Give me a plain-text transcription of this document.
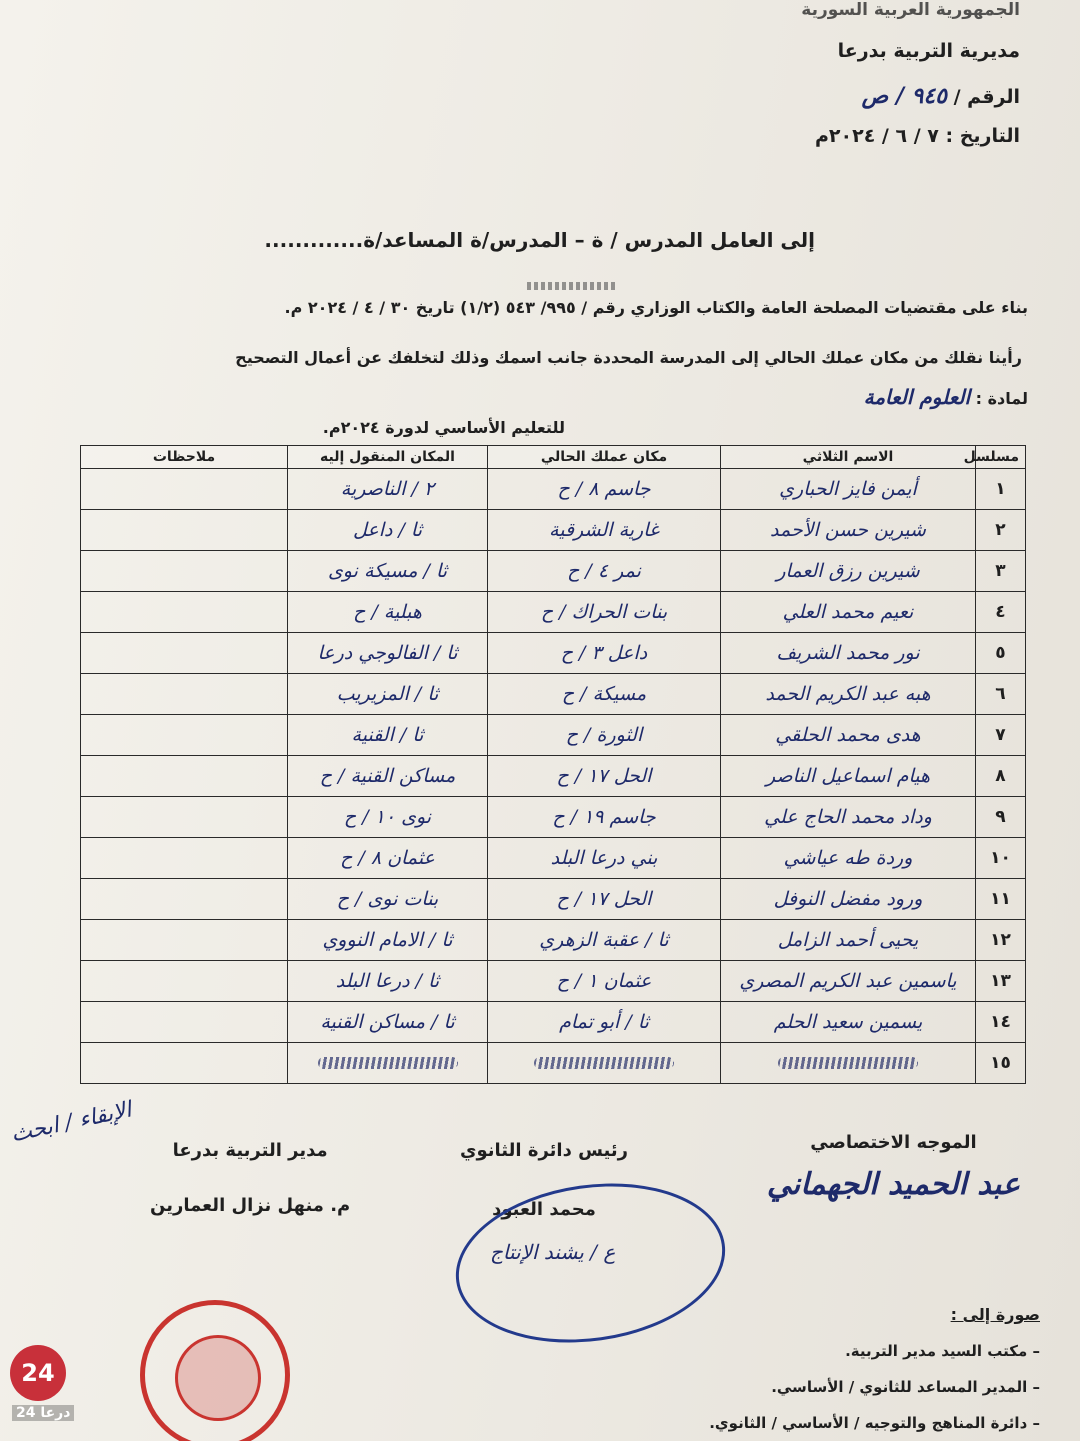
الجمهورية العربية السورية
مديرية التربية بدرعا
الرقم / ٩٤٥ / ص
التاريخ : ٧ / ٦ / ٢٠٢٤م
إلى العامل المدرس / ة – المدرس/ة المساعد/ة.............
بناء على مقتضيات المصلحة العامة والكتاب الوزاري رقم / ٩٩٥/ ٥٤٣ (١/٢) تاريخ ٣٠ / ٤ / ٢٠٢٤ م.
رأينا نقلك من مكان عملك الحالي إلى المدرسة المحددة جانب اسمك وذلك لتخلفك عن أعمال التصحيح
لمادة : العلوم العامة
للتعليم الأساسي لدورة ٢٠٢٤م.
مسلسل	الاسم الثلاثي	مكان عملك الحالي	المكان المنقول إليه	ملاحظات
١	أيمن فايز الحباري	جاسم ٨ / ح	٢ / الناصرية	
٢	شيرين حسن الأحمد	غارية الشرقية	ثا / داعل	
٣	شيرين رزق العمار	نمر ٤ / ح	ثا / مسيكة نوى	
٤	نعيم محمد العلي	بنات الحراك / ح	هبلية / ح	
٥	نور محمد الشريف	داعل ٣ / ح	ثا / الفالوجي درعا	
٦	هبه عبد الكريم الحمد	مسيكة / ح	ثا / المزيريب	
٧	هدى محمد الحلقي	الثورة / ح	ثا / القنية	
٨	هيام اسماعيل الناصر	الحل ١٧ / ح	مساكن القنية / ح	
٩	وداد محمد الحاج علي	جاسم ١٩ / ح	نوى ١٠ / ح	
١٠	وردة طه عياشي	بني درعا البلد	عثمان ٨ / ح	
١١	ورود مفضل النوفل	الحل ١٧ / ح	بنات نوى / ح	
١٢	يحيى أحمد الزامل	ثا / عقبة الزهري	ثا / الامام النووي	
١٣	ياسمين عبد الكريم المصري	عثمان ١ / ح	ثا / درعا البلد	
١٤	يسمين سعيد الحلم	ثا / أبو تمام	ثا / مساكن القنية	
١٥	

الموجه الاختصاصي
عبد الحميد الجهماني
رئيس دائرة الثانوي
محمد العبود
مدير التربية بدرعا
م. منهل نزال العمارين
ع / يشند الإنتاج
الإبقاء / ابحث
صورة إلى :
– مكتب السيد مدير التربية.
– المدير المساعد للثانوي / الأساسي.
– دائرة المناهج والتوجيه / الأساسي / الثانوي.
24
درعا 24
